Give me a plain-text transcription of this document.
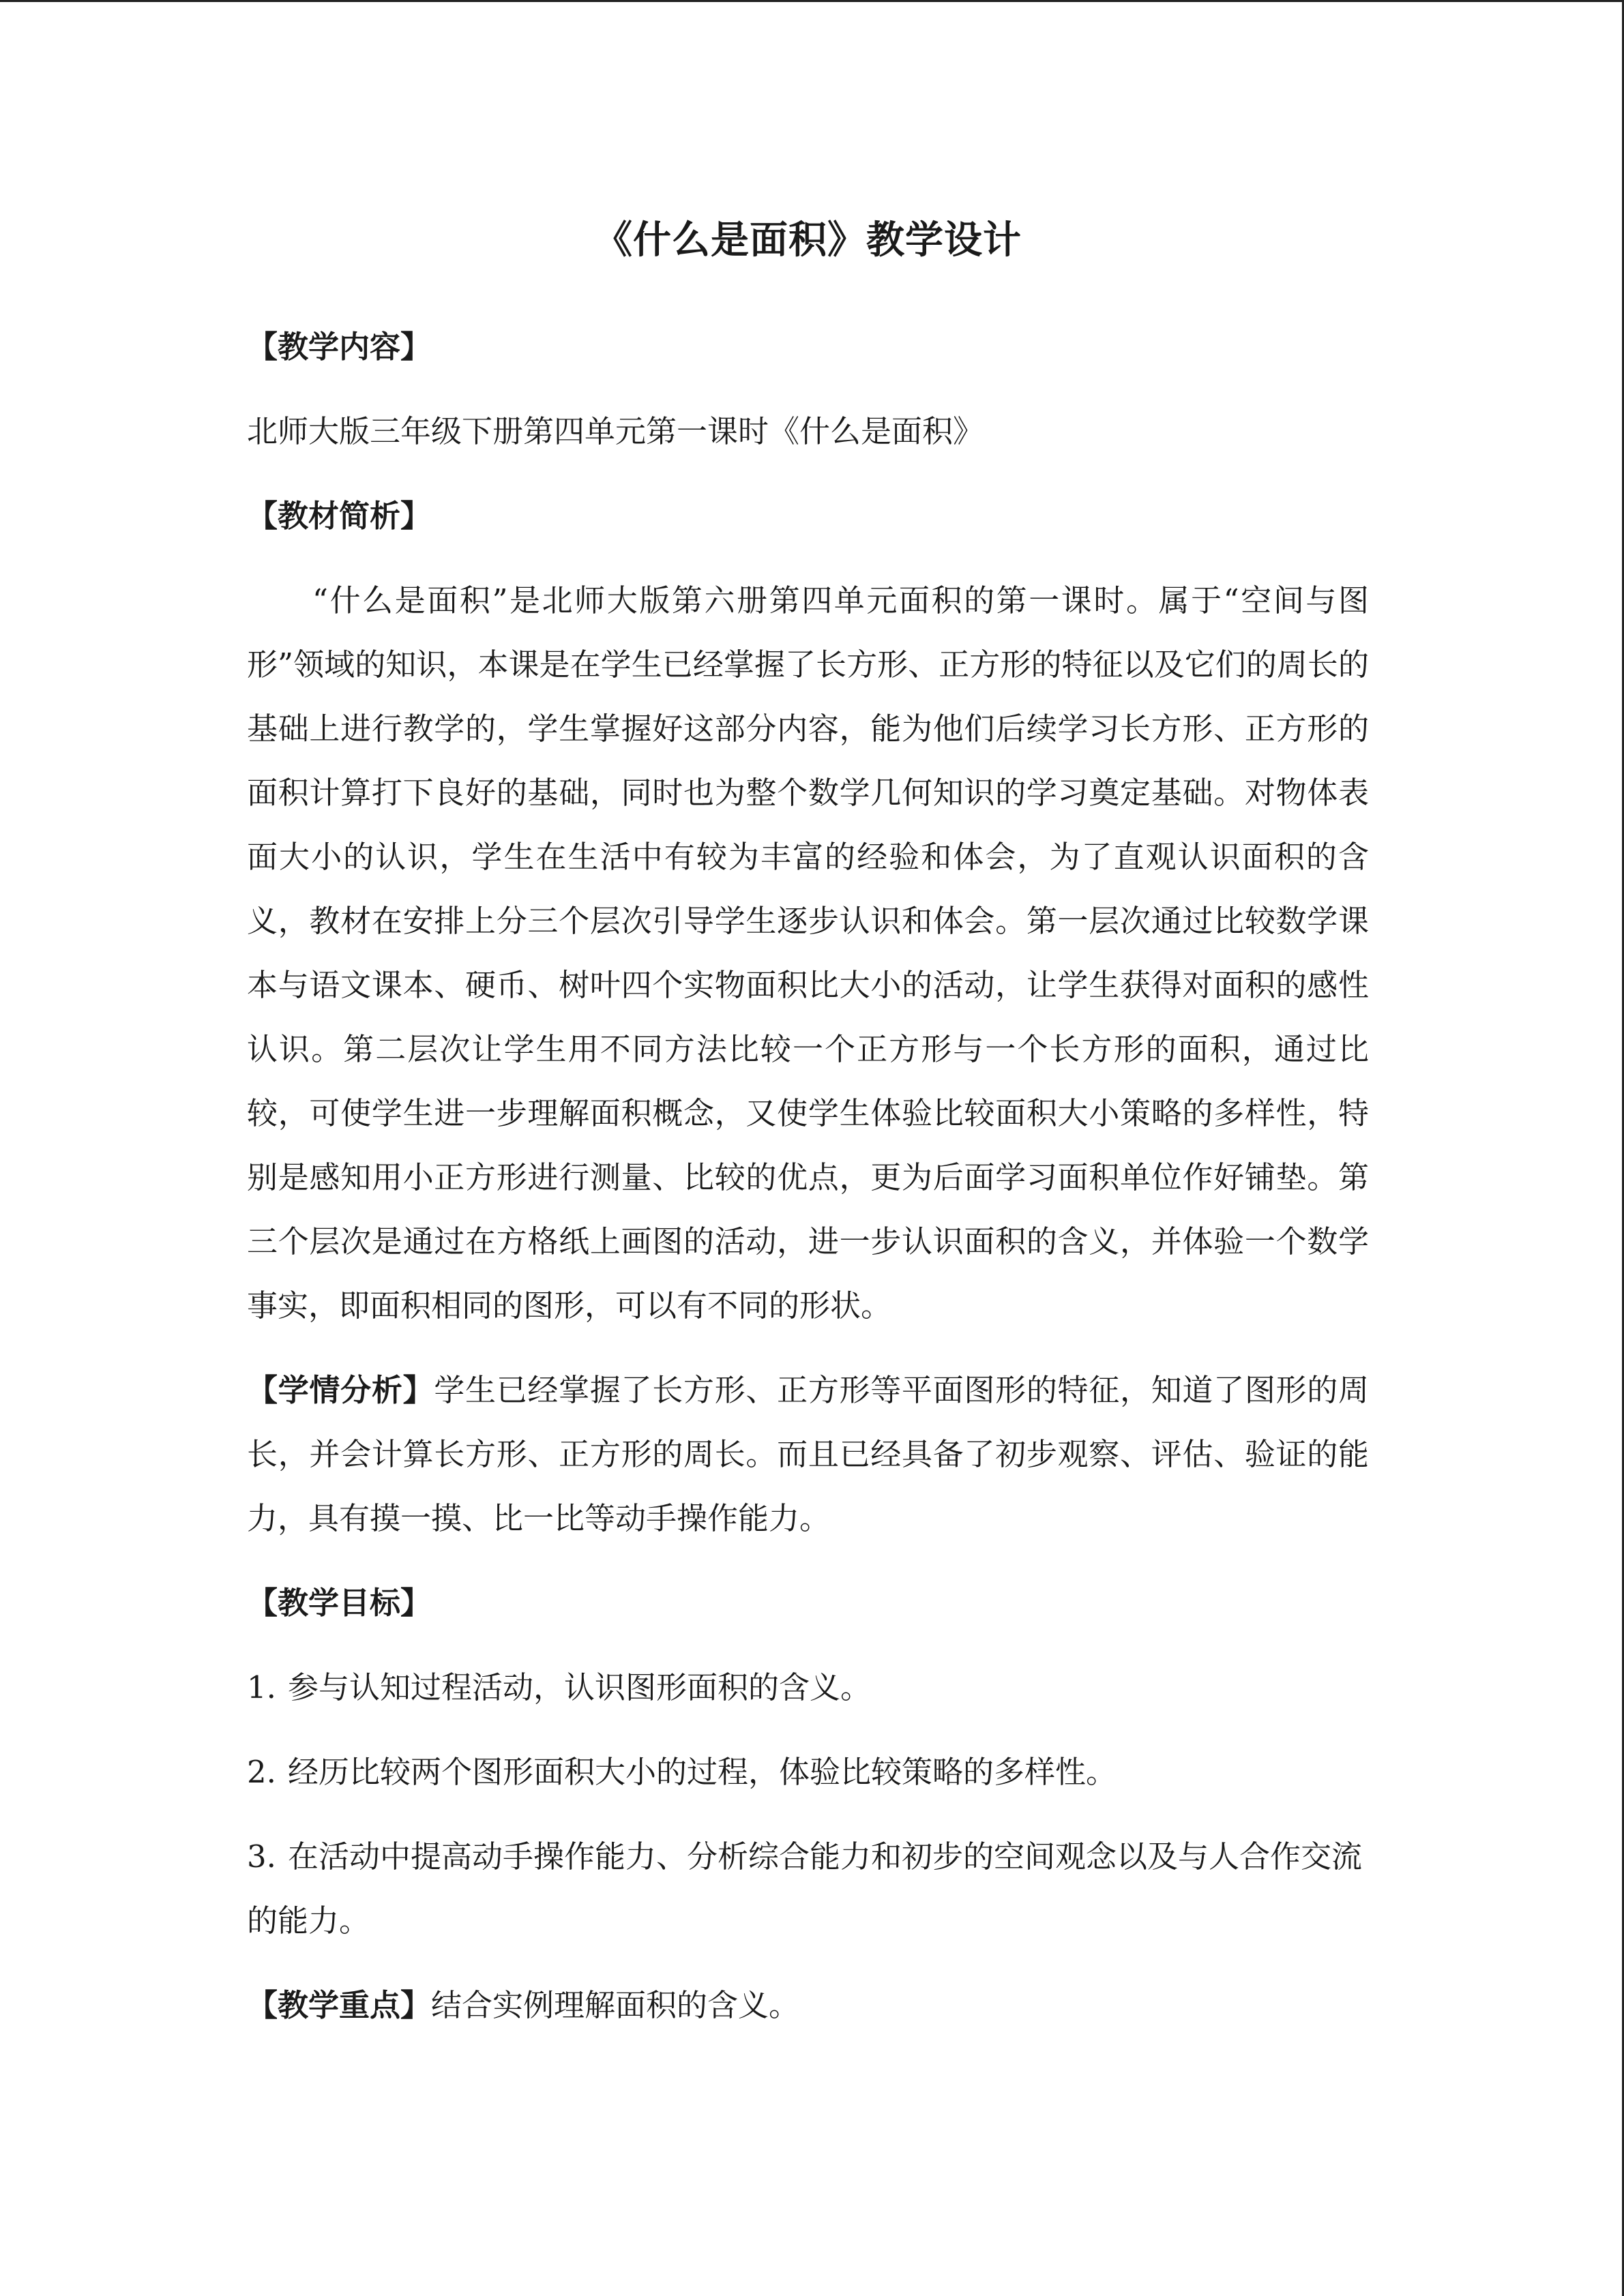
《什么是面积》教学设计
【教学内容】

北师大版三年级下册第四单元第一课时《什么是面积》

【教材简析】

“什么是面积”是北师大版第六册第四单元面积的第一课时。属于“空间与图形”领域的知识，本课是在学生已经掌握了长方形、正方形的特征以及它们的周长的基础上进行教学的，学生掌握好这部分内容，能为他们后续学习长方形、正方形的面积计算打下良好的基础，同时也为整个数学几何知识的学习奠定基础。对物体表面大小的认识，学生在生活中有较为丰富的经验和体会，为了直观认识面积的含义，教材在安排上分三个层次引导学生逐步认识和体会。第一层次通过比较数学课本与语文课本、硬币、树叶四个实物面积比大小的活动，让学生获得对面积的感性认识。第二层次让学生用不同方法比较一个正方形与一个长方形的面积，通过比较，可使学生进一步理解面积概念，又使学生体验比较面积大小策略的多样性，特别是感知用小正方形进行测量、比较的优点，更为后面学习面积单位作好铺垫。第三个层次是通过在方格纸上画图的活动，进一步认识面积的含义，并体验一个数学事实，即面积相同的图形，可以有不同的形状。

【学情分析】学生已经掌握了长方形、正方形等平面图形的特征，知道了图形的周长，并会计算长方形、正方形的周长。而且已经具备了初步观察、评估、验证的能力，具有摸一摸、比一比等动手操作能力。

【教学目标】
1. 参与认知过程活动，认识图形面积的含义。
2. 经历比较两个图形面积大小的过程，体验比较策略的多样性。
3. 在活动中提高动手操作能力、分析综合能力和初步的空间观念以及与人合作交流的能力。

【教学重点】结合实例理解面积的含义。
